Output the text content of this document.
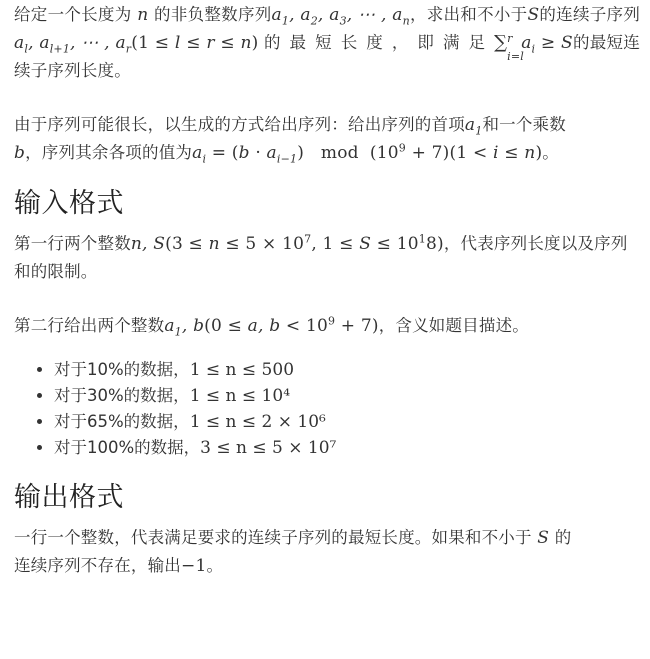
给定一个长度为 n 的非负整数序列$a_1$, $a_2$, $a_3$, ⋯ , $a_n$，求出和不小于S的连续子序列 $a_l$, $a_{l+1}$, ⋯ , $a_r(1 \le l \le r \le n)$ 的最短长度，即满足∑ r
i=l
$a_i \ge S$的最短连续子序列长度。

由于序列可能很长，以生成的方式给出序列：给出序列的首项$a_1$和一个乘数
b，序列其余各项的值为$a_i = (b \cdot a_{i-1})$   mod  $(10^9 + 7)(1 < i \le n)$。

输入格式

第一行两个整数n, $S(3 \le n \le 5 \times 10^7$, $1 \le S \le 10^18$)，代表序列长度以及序列和的限制。

第二行给出两个整数$a_1$, b(0 ≤ a, $b < 10^9 + 7$)，含义如题目描述。

• 对于10%的数据，1 ≤ n ≤ 500
• 对于30%的数据，1 ≤ n ≤ 10⁴
• 对于65%的数据，1 ≤ n ≤ 2 × 10⁶
• 对于100%的数据，3 ≤ n ≤ 5 × 10⁷
输出格式

一行一个整数，代表满足要求的连续子序列的最短长度。如果和不小于 S 的
连续序列不存在，输出−1。
